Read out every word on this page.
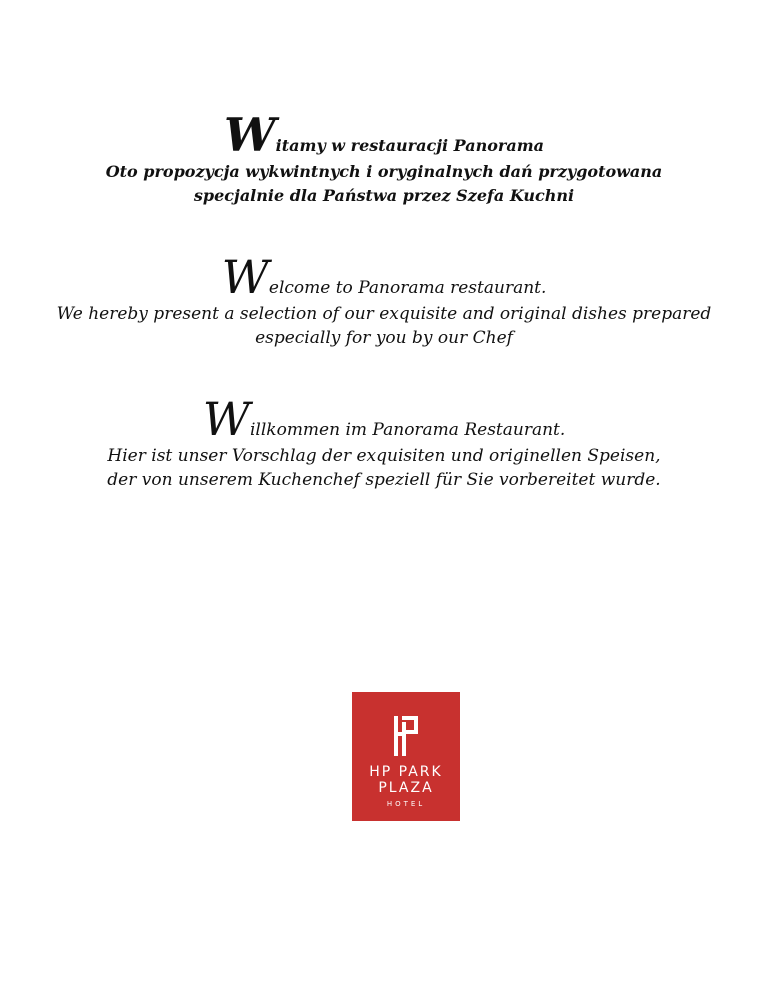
Witamy w restauracji Panorama
Oto propozycja wykwintnych i oryginalnych dań przygotowana
specjalnie dla Państwa przez Szefa Kuchni
Welcome to Panorama restaurant.
We hereby present a selection of our exquisite and original dishes prepared
especially for you by our Chef
Willkommen im Panorama Restaurant.
Hier ist unser Vorschlag der exquisiten und originellen Speisen,
der von unserem Kuchenchef speziell für Sie vorbereitet wurde.
HP PARK
PLAZA
HOTEL
